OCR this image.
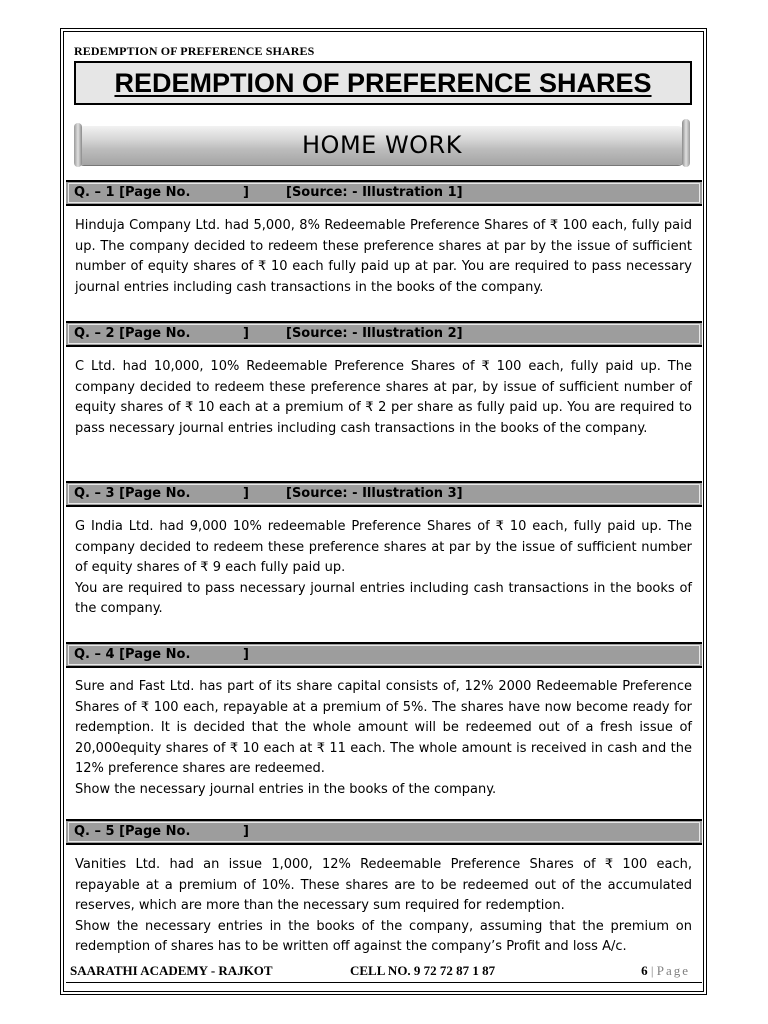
REDEMPTION OF PREFERENCE SHARES
REDEMPTION OF PREFERENCE SHARES
HOME WORK
Q. – 1 [Page No.	]	[Source: - Illustration 1]

Hinduja Company Ltd. had 5,000, 8% Redeemable Preference Shares of ₹ 100 each, fully paid up. The company decided to redeem these preference shares at par by the issue of sufficient number of equity shares of ₹ 10 each fully paid up at par. You are required to pass necessary journal entries including cash transactions in the books of the company.

Q. – 2 [Page No.	]	[Source: - Illustration 2]

C Ltd. had 10,000, 10% Redeemable Preference Shares of ₹ 100 each, fully paid up. The company decided to redeem these preference shares at par, by issue of sufficient number of equity shares of ₹ 10 each at a premium of ₹ 2 per share as fully paid up. You are required to pass necessary journal entries including cash transactions in the books of the company.

Q. – 3 [Page No.	]	[Source: - Illustration 3]

G India Ltd. had 9,000 10% redeemable Preference Shares of ₹ 10 each, fully paid up. The company decided to redeem these preference shares at par by the issue of sufficient number of equity shares of ₹ 9 each fully paid up.

You are required to pass necessary journal entries including cash transactions in the books of the company.

Q. – 4 [Page No.	]

Sure and Fast Ltd. has part of its share capital consists of, 12% 2000 Redeemable Preference Shares of ₹ 100 each, repayable at a premium of 5%. The shares have now become ready for redemption. It is decided that the whole amount will be redeemed out of a fresh issue of 20,000equity shares of ₹ 10 each at ₹ 11 each. The whole amount is received in cash and the 12% preference shares are redeemed.

Show the necessary journal entries in the books of the company.

Q. – 5 [Page No.	]

Vanities Ltd. had an issue 1,000, 12% Redeemable Preference Shares of ₹ 100 each, repayable at a premium of 10%. These shares are to be redeemed out of the accumulated reserves, which are more than the necessary sum required for redemption.

Show the necessary entries in the books of the company, assuming that the premium on redemption of shares has to be written off against the company’s Profit and loss A/c.

SAARATHI ACADEMY - RAJKOT	CELL NO. 9 72 72 87 1 87	6 | Page
